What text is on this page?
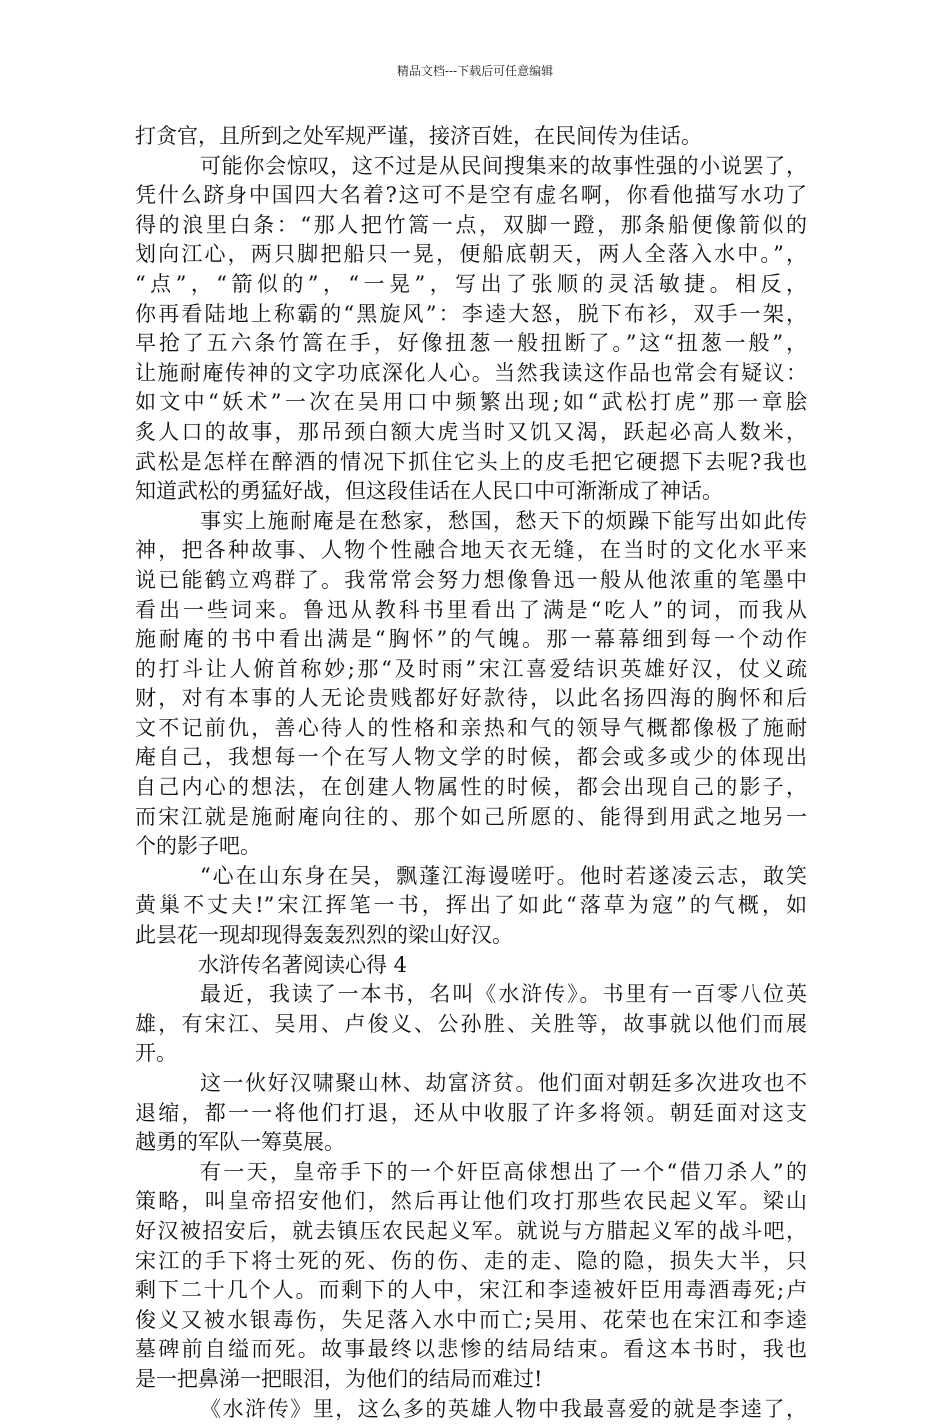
精品文档---下载后可任意编辑
打贪官，且所到之处军规严谨，接济百姓，在民间传为佳话。
可能你会惊叹，这不过是从民间搜集来的故事性强的小说罢了，
凭什么跻身中国四大名着?这可不是空有虚名啊，你看他描写水功了
得的浪里白条：“那人把竹篙一点，双脚一蹬，那条船便像箭似的
划向江心，两只脚把船只一晃，便船底朝天，两人全落入水中。”，
“点”，“箭似的”，“一晃”，写出了张顺的灵活敏捷。相反，
你再看陆地上称霸的“黑旋风”：李逵大怒，脱下布衫，双手一架，
早抢了五六条竹篙在手，好像扭葱一般扭断了。”这“扭葱一般”，
让施耐庵传神的文字功底深化人心。当然我读这作品也常会有疑议：
如文中“妖术”一次在吴用口中频繁出现;如“武松打虎”那一章脍
炙人口的故事，那吊颈白额大虎当时又饥又渴，跃起必高人数米，
武松是怎样在醉酒的情况下抓住它头上的皮毛把它硬摁下去呢?我也
知道武松的勇猛好战，但这段佳话在人民口中可渐渐成了神话。
事实上施耐庵是在愁家，愁国，愁天下的烦躁下能写出如此传
神，把各种故事、人物个性融合地天衣无缝，在当时的文化水平来
说已能鹤立鸡群了。我常常会努力想像鲁迅一般从他浓重的笔墨中
看出一些词来。鲁迅从教科书里看出了满是“吃人”的词，而我从
施耐庵的书中看出满是“胸怀”的气魄。那一幕幕细到每一个动作
的打斗让人俯首称妙;那“及时雨”宋江喜爱结识英雄好汉，仗义疏
财，对有本事的人无论贵贱都好好款待，以此名扬四海的胸怀和后
文不记前仇，善心待人的性格和亲热和气的领导气概都像极了施耐
庵自己，我想每一个在写人物文学的时候，都会或多或少的体现出
自己内心的想法，在创建人物属性的时候，都会出现自己的影子，
而宋江就是施耐庵向往的、那个如己所愿的、能得到用武之地另一
个的影子吧。
“心在山东身在吴，飘蓬江海谩嗟吁。他时若遂凌云志，敢笑
黄巢不丈夫!”宋江挥笔一书，挥出了如此“落草为寇”的气概，如
此昙花一现却现得轰轰烈烈的梁山好汉。
水浒传名著阅读心得 4
最近，我读了一本书，名叫《水浒传》。书里有一百零八位英
雄，有宋江、吴用、卢俊义、公孙胜、关胜等，故事就以他们而展
开。
这一伙好汉啸聚山林、劫富济贫。他们面对朝廷多次进攻也不
退缩，都一一将他们打退，还从中收服了许多将领。朝廷面对这支
越勇的军队一筹莫展。
有一天，皇帝手下的一个奸臣高俅想出了一个“借刀杀人”的
策略，叫皇帝招安他们，然后再让他们攻打那些农民起义军。梁山
好汉被招安后，就去镇压农民起义军。就说与方腊起义军的战斗吧，
宋江的手下将士死的死、伤的伤、走的走、隐的隐，损失大半，只
剩下二十几个人。而剩下的人中，宋江和李逵被奸臣用毒酒毒死;卢
俊义又被水银毒伤，失足落入水中而亡;吴用、花荣也在宋江和李逵
墓碑前自缢而死。故事最终以悲惨的结局结束。看这本书时，我也
是一把鼻涕一把眼泪，为他们的结局而难过!
《水浒传》里，这么多的英雄人物中我最喜爱的就是李逵了，
